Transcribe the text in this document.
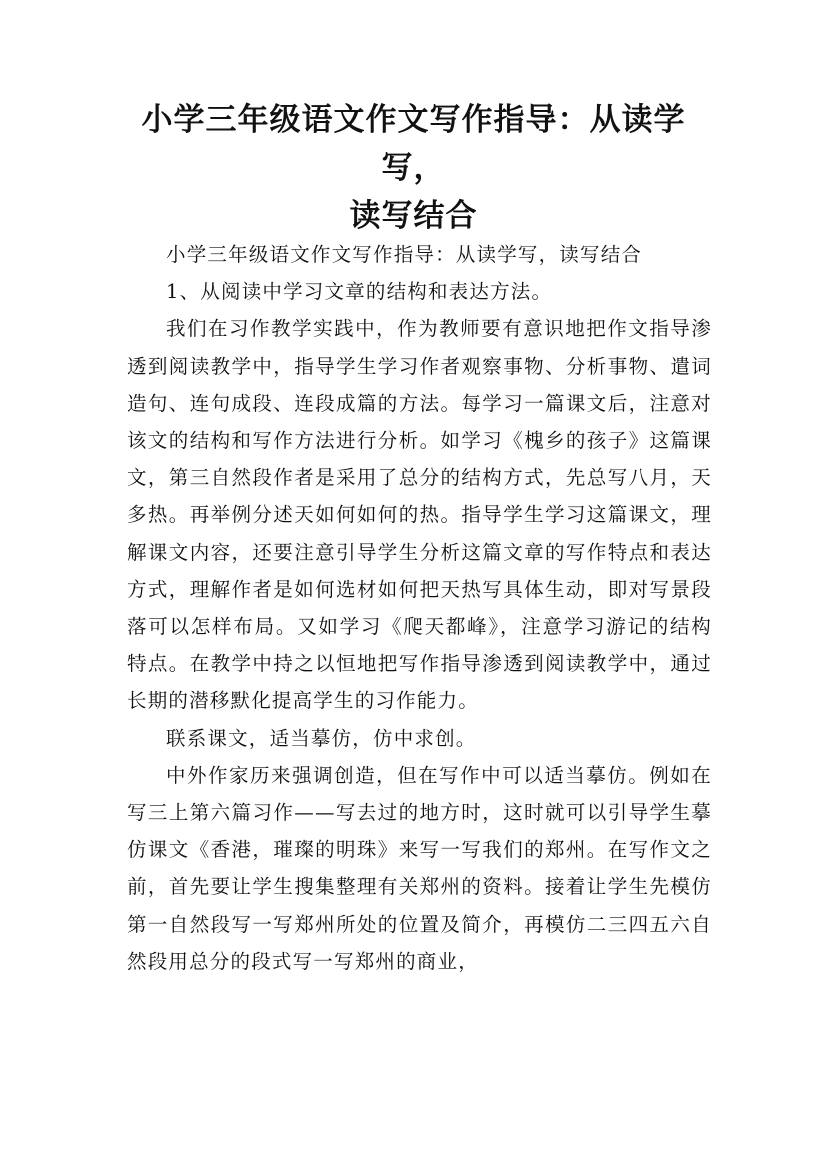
小学三年级语文作文写作指导：从读学写，
读写结合

小学三年级语文作文写作指导：从读学写，读写结合

1、从阅读中学习文章的结构和表达方法。

我们在习作教学实践中，作为教师要有意识地把作文指导渗透到阅读教学中，指导学生学习作者观察事物、分析事物、遣词造句、连句成段、连段成篇的方法。每学习一篇课文后，注意对该文的结构和写作方法进行分析。如学习《槐乡的孩子》这篇课文，第三自然段作者是采用了总分的结构方式，先总写八月，天多热。再举例分述天如何如何的热。指导学生学习这篇课文，理解课文内容，还要注意引导学生分析这篇文章的写作特点和表达方式，理解作者是如何选材如何把天热写具体生动，即对写景段落可以怎样布局。又如学习《爬天都峰》，注意学习游记的结构特点。在教学中持之以恒地把写作指导渗透到阅读教学中，通过长期的潜移默化提高学生的习作能力。

联系课文，适当摹仿，仿中求创。

中外作家历来强调创造，但在写作中可以适当摹仿。例如在写三上第六篇习作——写去过的地方时，这时就可以引导学生摹仿课文《香港，璀璨的明珠》来写一写我们的郑州。在写作文之前，首先要让学生搜集整理有关郑州的资料。接着让学生先模仿第一自然段写一写郑州所处的位置及简介，再模仿二三四五六自然段用总分的段式写一写郑州的商业，
